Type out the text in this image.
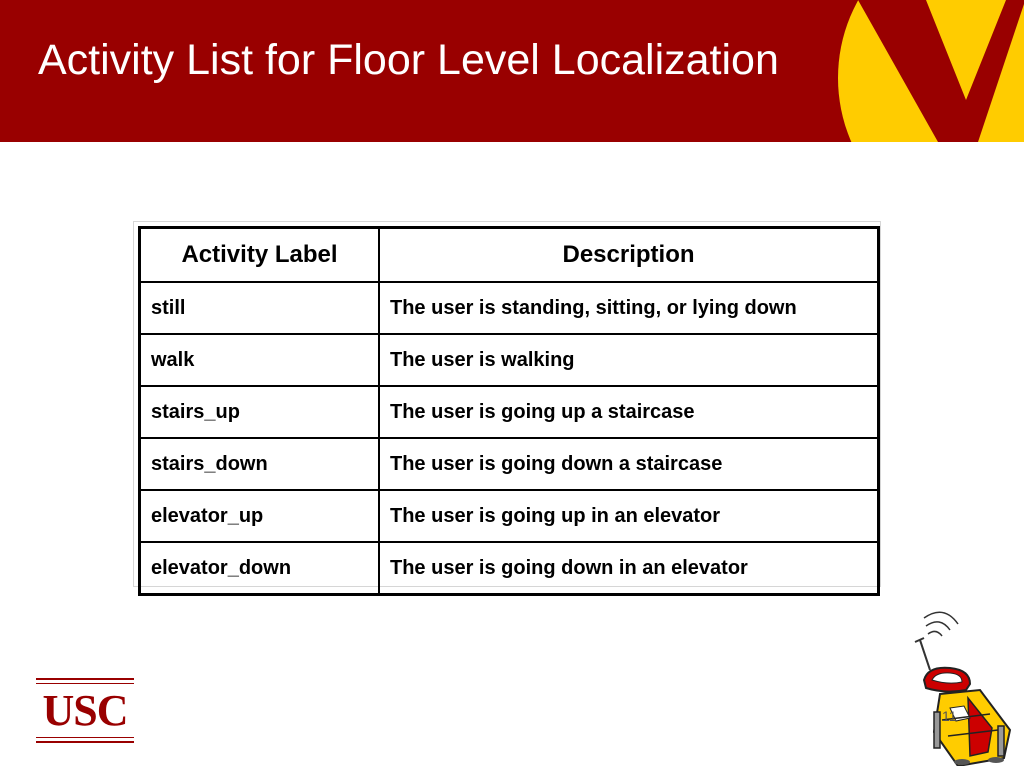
Activity List for Floor Level Localization
Activity Label	Description
still	The user is standing, sitting, or lying down
walk	The user is walking
stairs_up	The user is going up a staircase
stairs_down	The user is going down a staircase
elevator_up	The user is going up in an elevator
elevator_down	The user is going down in an elevator
USC	11
